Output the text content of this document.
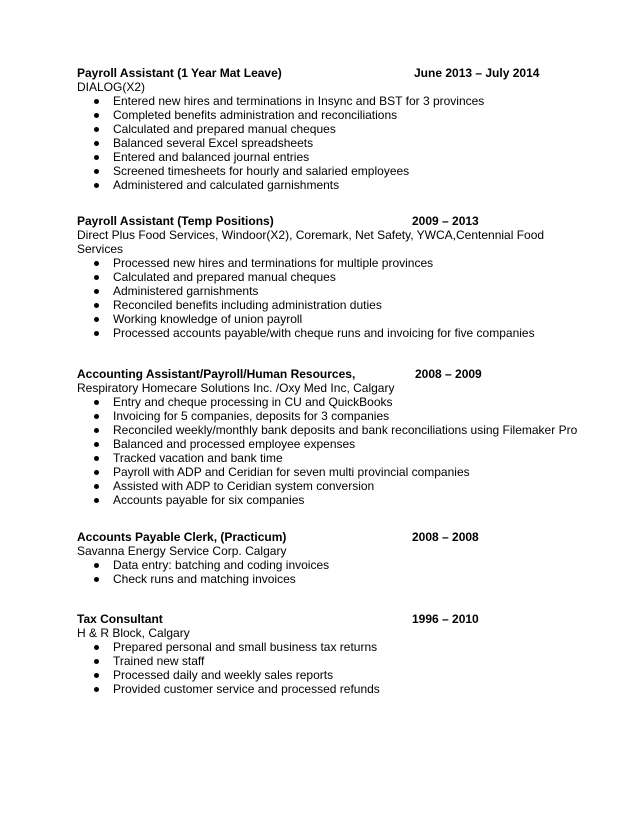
Payroll Assistant (1 Year Mat Leave)	June 2013 – July 2014
DIALOG(X2)
Entered new hires and terminations in Insync and BST for 3 provinces
Completed benefits administration and reconciliations
Calculated and prepared manual cheques
Balanced several Excel spreadsheets
Entered and balanced journal entries
Screened timesheets for hourly and salaried employees
Administered and calculated garnishments
Payroll Assistant (Temp Positions)	2009 – 2013
Direct Plus Food Services, Windoor(X2), Coremark, Net Safety, YWCA,Centennial Food
Services
Processed new hires and terminations for multiple provinces
Calculated and prepared manual cheques
Administered garnishments
Reconciled benefits including administration duties
Working knowledge of union payroll
Processed accounts payable/with cheque runs and invoicing for five companies
Accounting Assistant/Payroll/Human Resources,	2008 – 2009
Respiratory Homecare Solutions Inc. /Oxy Med Inc, Calgary
Entry and cheque processing in CU and QuickBooks
Invoicing for 5 companies, deposits for 3 companies
Reconciled weekly/monthly bank deposits and bank reconciliations using Filemaker Pro
Balanced and processed employee expenses
Tracked vacation and bank time
Payroll with ADP and Ceridian for seven multi provincial companies
Assisted with ADP to Ceridian system conversion
Accounts payable for six companies
Accounts Payable Clerk, (Practicum)	2008 – 2008
Savanna Energy Service Corp. Calgary
Data entry: batching and coding invoices
Check runs and matching invoices
Tax Consultant	1996 – 2010
H & R Block, Calgary
Prepared personal and small business tax returns
Trained new staff
Processed daily and weekly sales reports
Provided customer service and processed refunds
